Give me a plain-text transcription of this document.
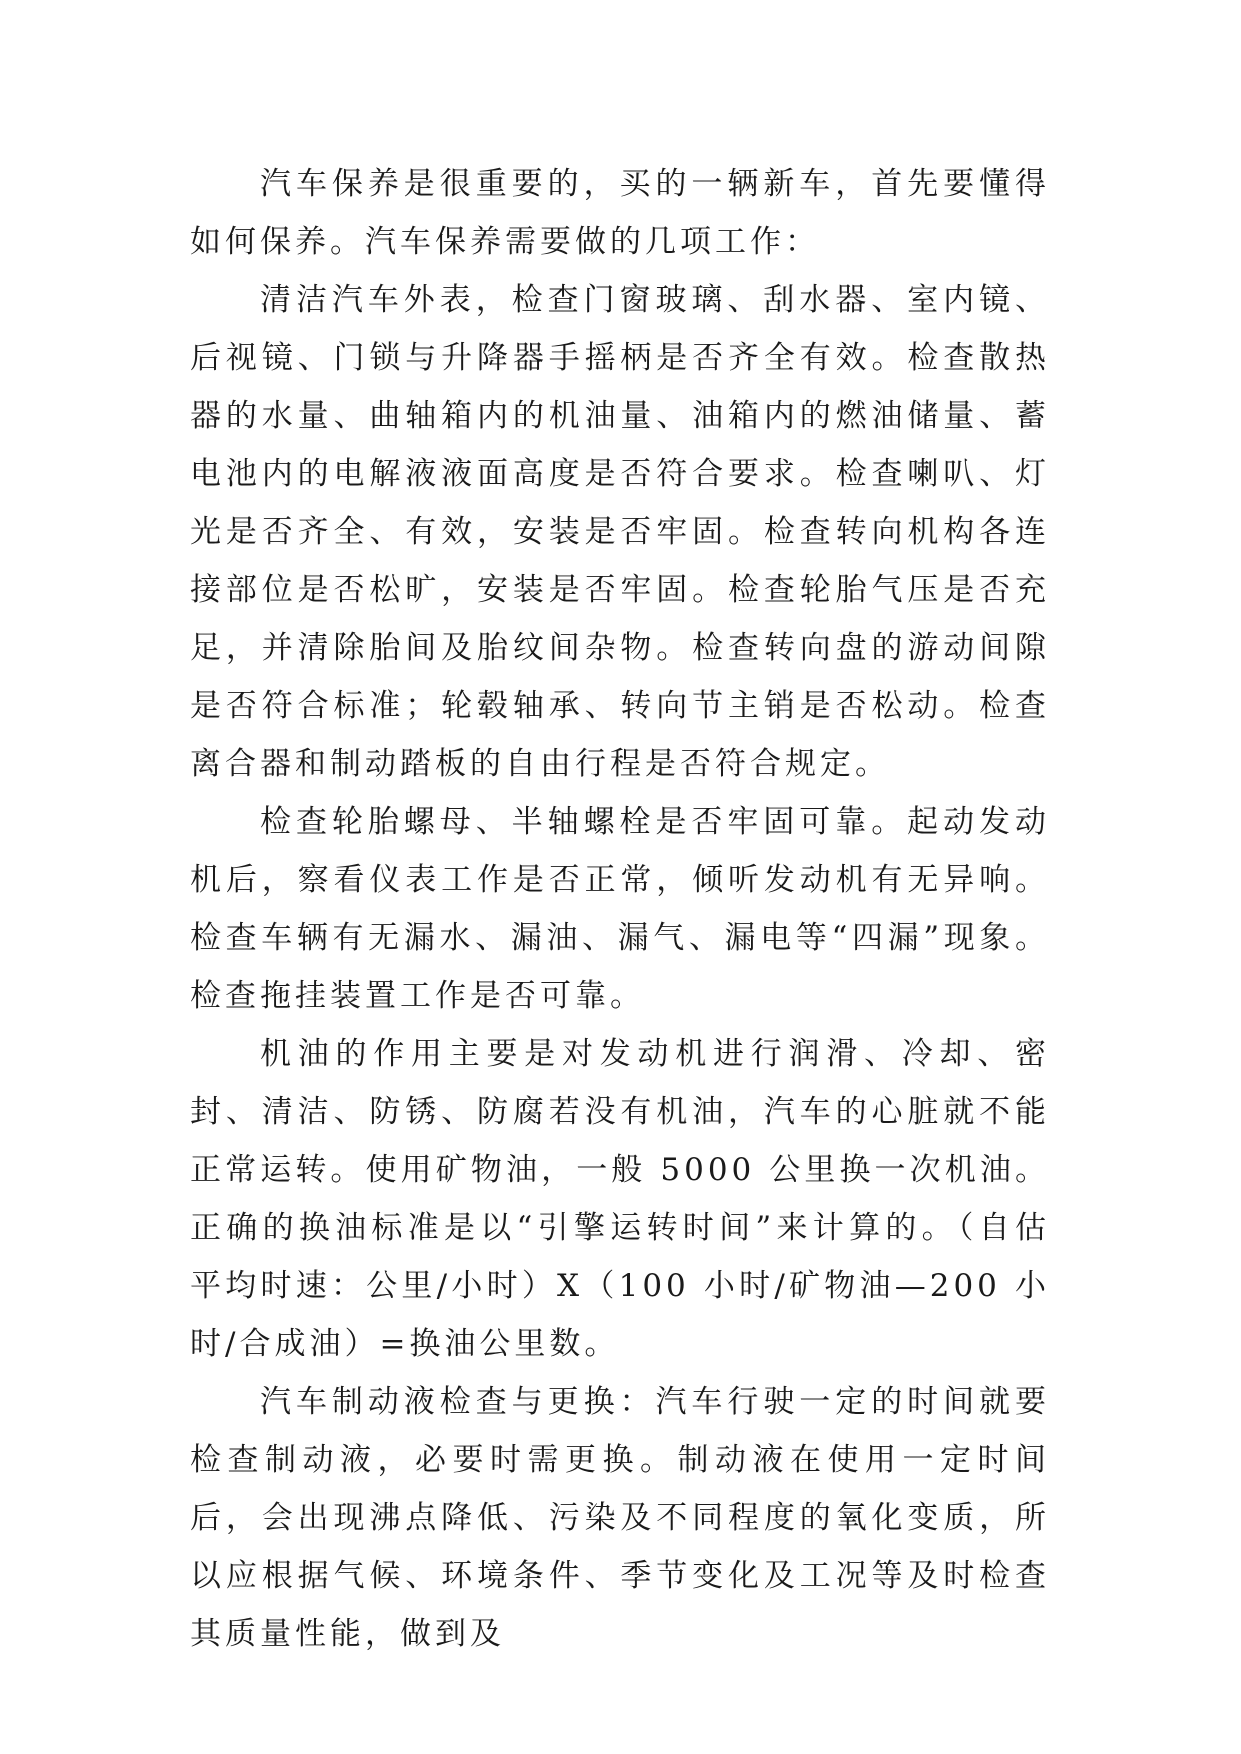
汽车保养是很重要的，买的一辆新车，首先要懂得如何保养。汽车保养需要做的几项工作：

清洁汽车外表，检查门窗玻璃、刮水器、室内镜、后视镜、门锁与升降器手摇柄是否齐全有效。检查散热器的水量、曲轴箱内的机油量、油箱内的燃油储量、蓄电池内的电解液液面高度是否符合要求。检查喇叭、灯光是否齐全、有效，安装是否牢固。检查转向机构各连接部位是否松旷，安装是否牢固。检查轮胎气压是否充足，并清除胎间及胎纹间杂物。检查转向盘的游动间隙是否符合标准；轮毂轴承、转向节主销是否松动。检查离合器和制动踏板的自由行程是否符合规定。

检查轮胎螺母、半轴螺栓是否牢固可靠。起动发动机后，察看仪表工作是否正常，倾听发动机有无异响。检查车辆有无漏水、漏油、漏气、漏电等“四漏”现象。检查拖挂装置工作是否可靠。

机油的作用主要是对发动机进行润滑、冷却、密封、清洁、防锈、防腐若没有机油，汽车的心脏就不能正常运转。使用矿物油，一般 5000 公里换一次机油。正确的换油标准是以“引擎运转时间”来计算的。（自估平均时速：公里/小时）X（100 小时/矿物油—200 小时/合成油）=换油公里数。

汽车制动液检查与更换：汽车行驶一定的时间就要检查制动液，必要时需更换。制动液在使用一定时间后，会出现沸点降低、污染及不同程度的氧化变质，所以应根据气候、环境条件、季节变化及工况等及时检查其质量性能，做到及
